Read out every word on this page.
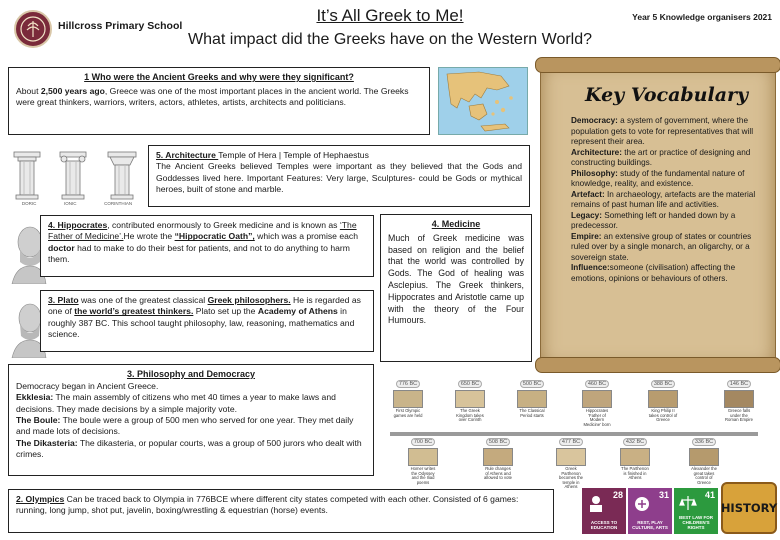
Hillcross Primary School
It’s All Greek to Me!
What impact did the Greeks have on the Western World?
Year 5 Knowledge organisers 2021
1 Who were the Ancient Greeks and why were they significant?

About 2,500 years ago, Greece was one of the most important places in the ancient world. The Greeks were great thinkers, warriors, writers, actors, athletes, artists, architects and politicians.

DORIC	IONIC	CORINTHIAN

5. Architecture Temple of Hera | Temple of Hephaestus

The Ancient Greeks believed Temples were important as they believed that the Gods and Goddesses lived here. Important Features: Very large, Sculptures- could be Gods or mythical heroes, built of stone and marble.

4. Hippocrates, contributed enormously to Greek medicine and is known as ‘The Father of Medicine’.He wrote the “Hippocratic Oath”, which was a promise each doctor had to make to do their best for patients, and not to do anything to harm them.

4. Medicine

Much of Greek medicine was based on religion and the belief that the world was controlled by Gods. The God of healing was Asclepius. The Greek thinkers, Hippocrates and Aristotle came up with the theory of the Four Humours.

3. Plato was one of the greatest classical Greek philosophers. He is regarded as one of the world’s greatest thinkers. Plato set up the Academy of Athens in roughly 387 BC. This school taught philosophy, law, reasoning, mathematics and science.

3. Philosophy and Democracy

Democracy began in Ancient Greece.

Ekklesia: The main assembly of citizens who met 40 times a year to make laws and decisions. They made decisions by a simple majority vote.

The Boule: The boule were a group of 500 men who served for one year. They met daily and made lots of decisions.

The Dikasteria: The dikasteria, or popular courts, was a group of 500 jurors who dealt with crimes.

2. Olympics Can be traced back to Olympia in 776BCE where different city states competed with each other. Consisted of 6 games: running, long jump, shot put, javelin, boxing/wrestling & equestrian (horse) events.

Key Vocabulary

Democracy: a system of government, where the population gets to vote for representatives that will represent their area.

Architecture: the art or practice of designing and constructing buildings.

Philosophy: study of the fundamental nature of knowledge, reality, and existence.

Artefact: In archaeology, artefacts are the material remains of past human life and activities.

Legacy: Something left or handed down by a predecessor.

Empire: an extensive group of states or countries ruled over by a single monarch, an oligarchy, or a sovereign state.

Influence:someone (civilisation) affecting the emotions, opinions or behaviours of others.

776 BC
First Olympic games are held
650 BC
The Greek Kingdom takes over Corinth
500 BC
The Classical Period starts
460 BC
Hippocrates 'Father of Modern Medicine' born
388 BC
King Philip II takes control of Greece
146 BC
Greece falls under the Roman Empire
700 BC
Homer writes the Odyssey and the Iliad poems
508 BC
Rule changes of Athens and allowed to vote
477 BC
Greek Parthenon becomes the temple in Athens
432 BC
The Parthenon is finished in Athens
336 BC
Alexander the great takes control of Greece
28
ACCESS TO EDUCATION
31
REST, PLAY CULTURE, ARTS
41
BEST LAW FOR CHILDREN'S RIGHTS
HISTORY
